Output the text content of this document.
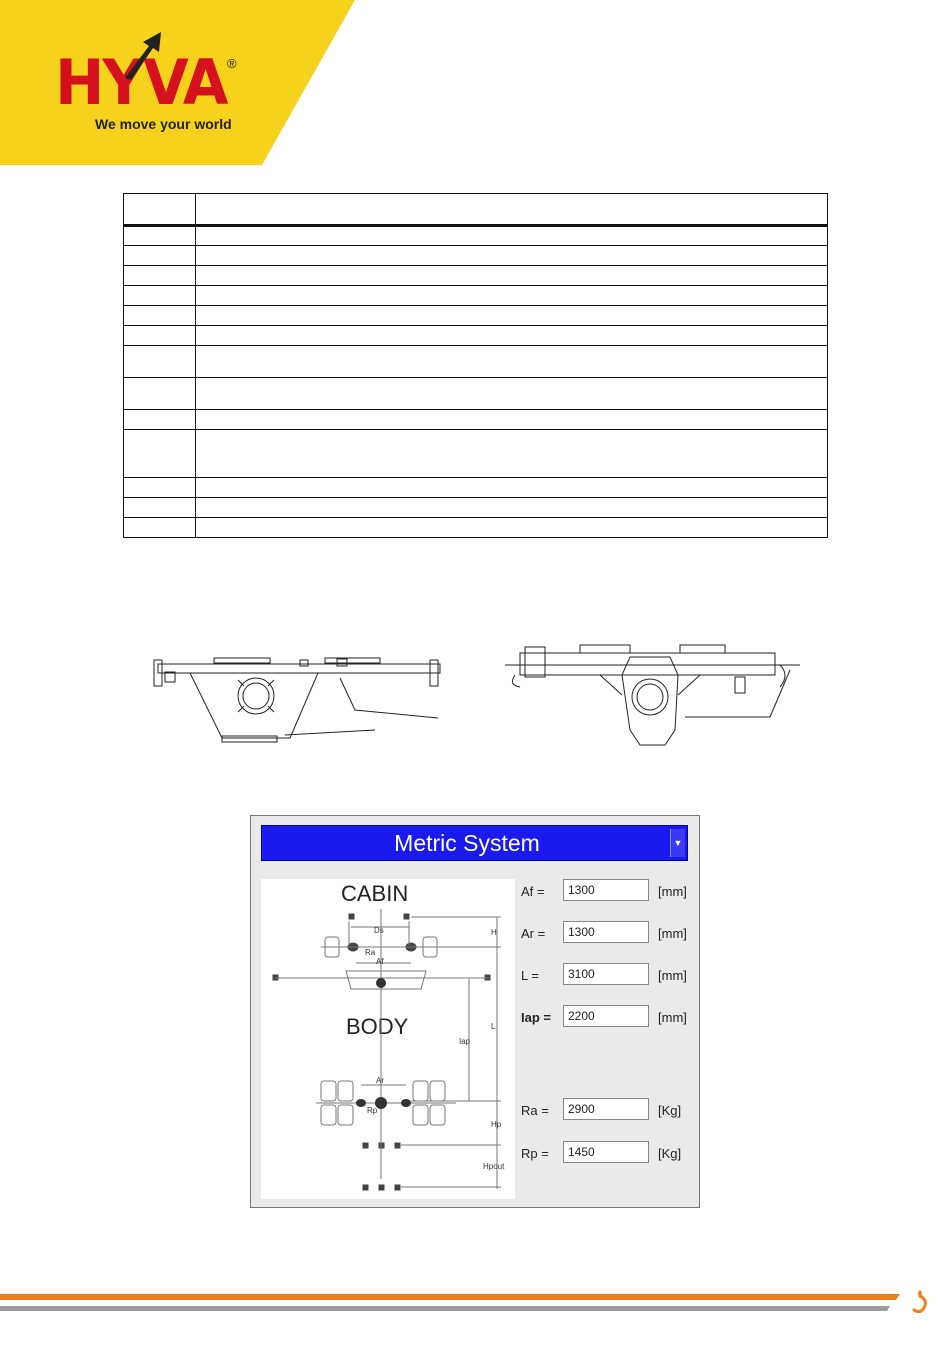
HYVA ®
We move your world

Metric System	▼
CABIN
BODY
Ds
Ra
Af
H
Iap
L
Ar
Rp
Hp
Hpout
Af =
1300	[mm]
Ar =
1300	[mm]
L =
3100	[mm]
Iap =
2200	[mm]
Ra =
2900	[Kg]
Rp =
1450	[Kg]
